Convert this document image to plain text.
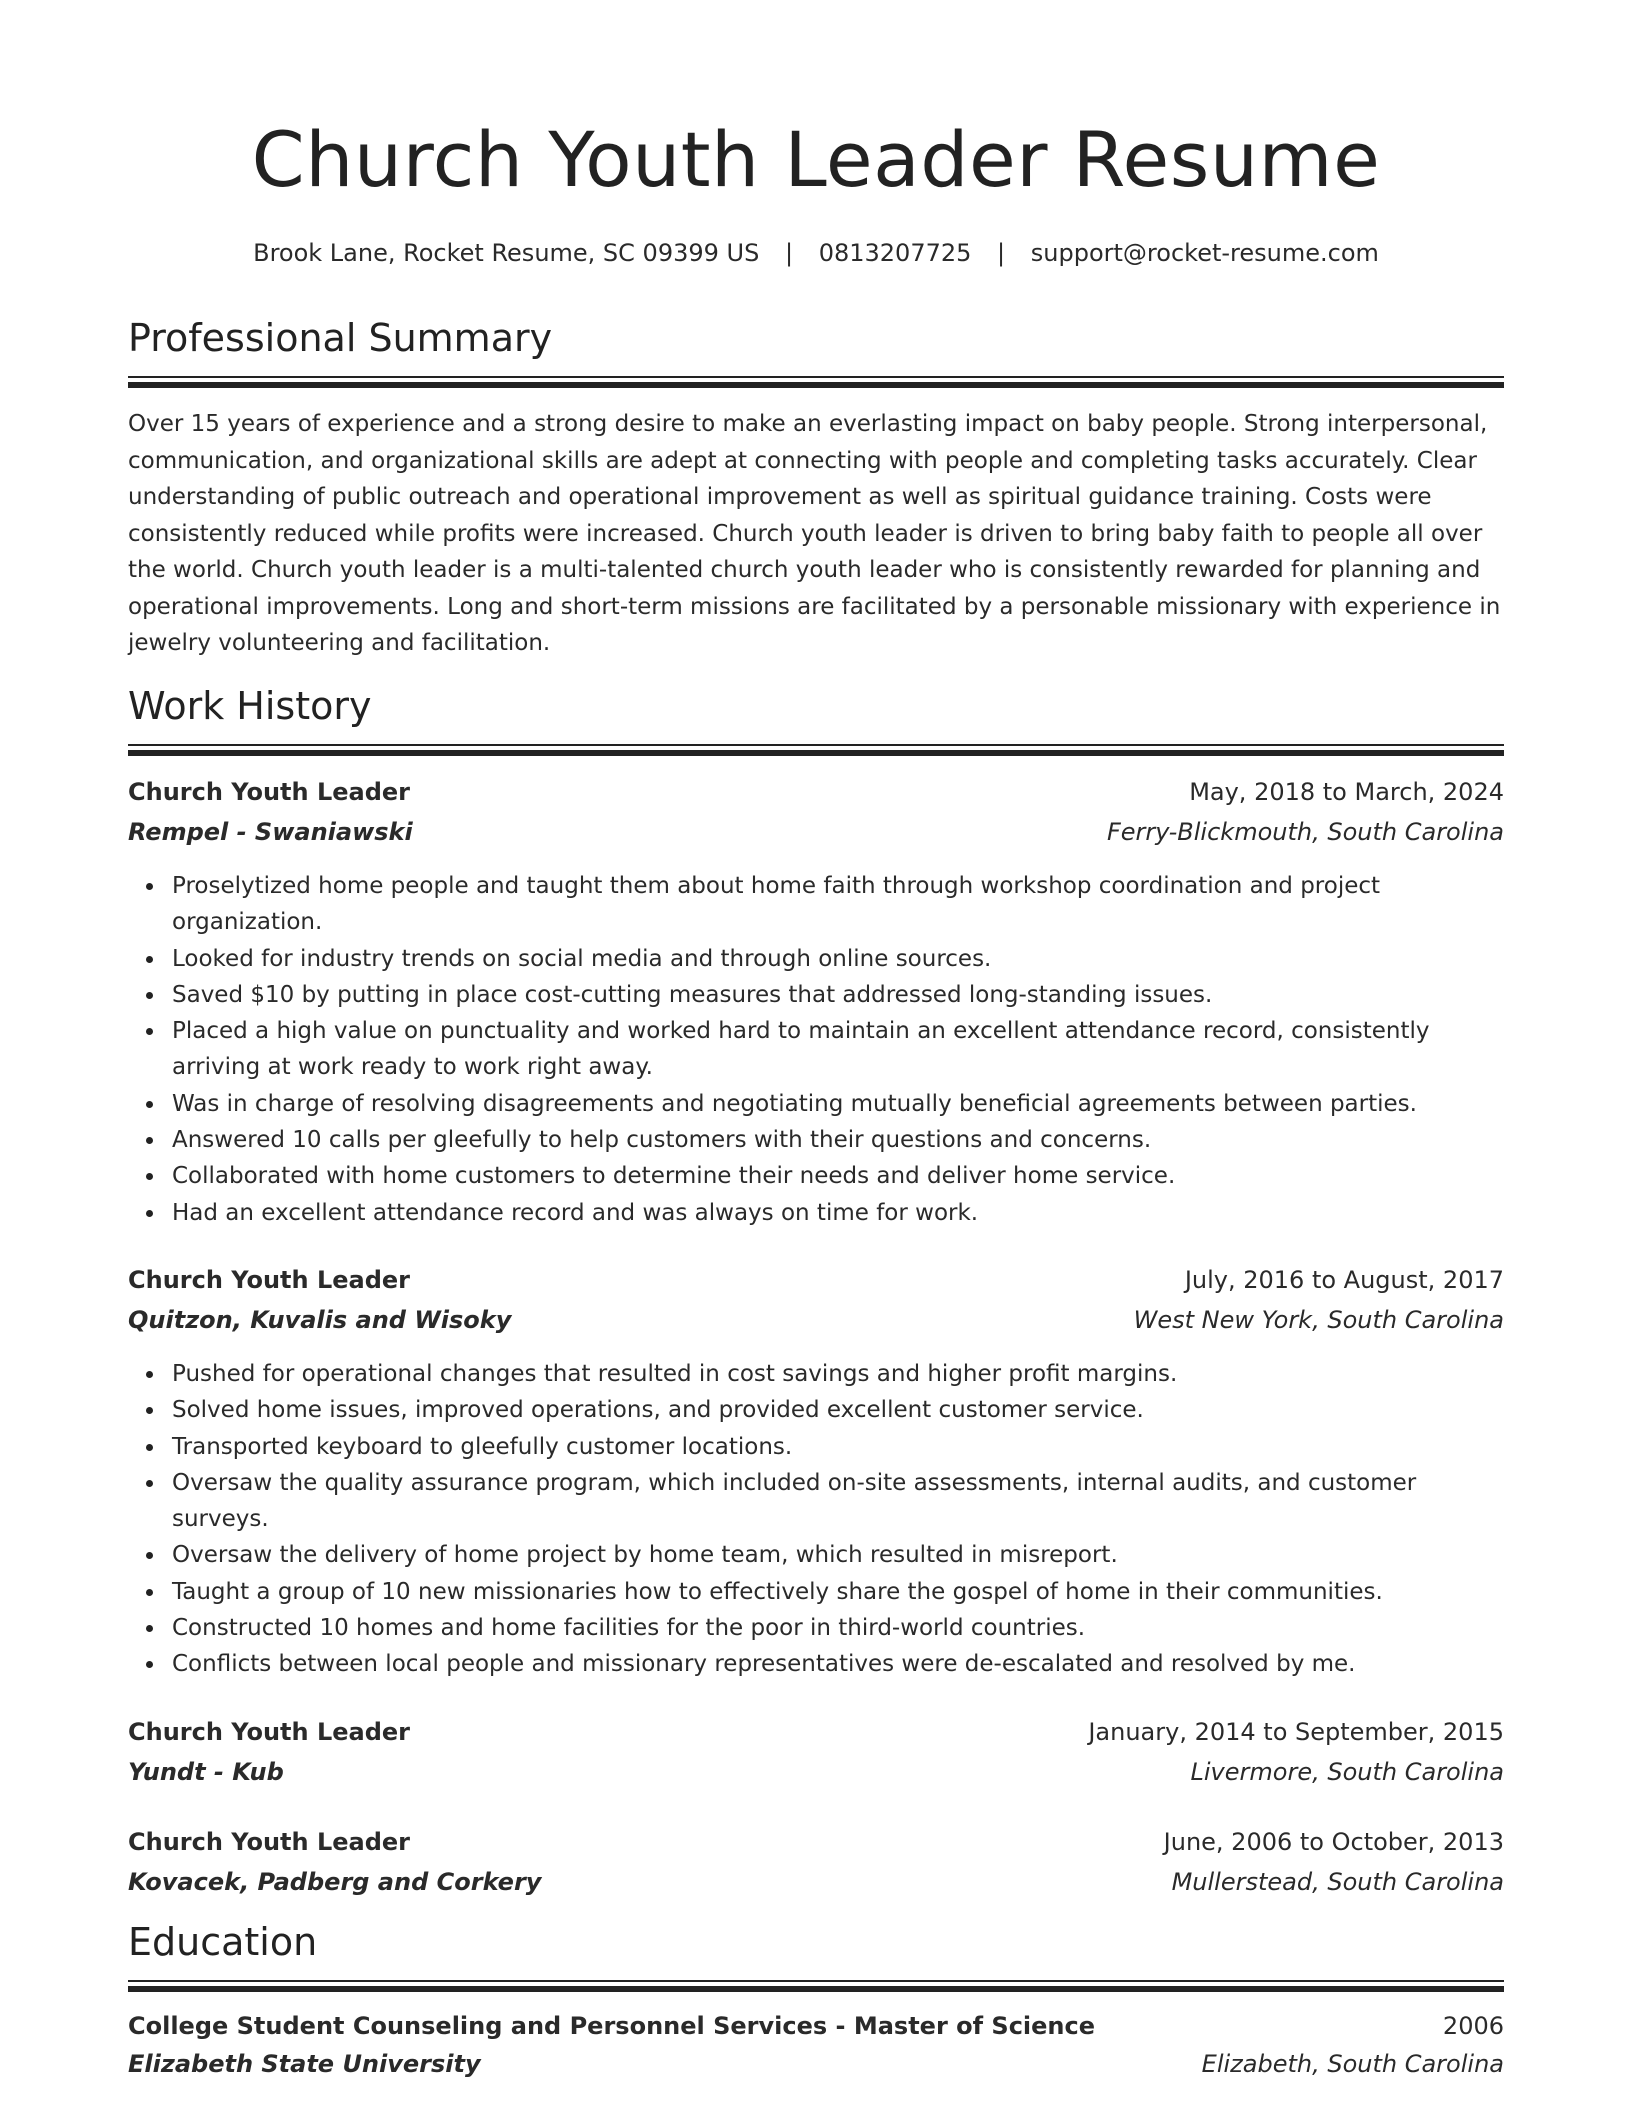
Church Youth Leader Resume
Brook Lane, Rocket Resume, SC 09399 US | 0813207725 | support@rocket-resume.com
Professional Summary

Over 15 years of experience and a strong desire to make an everlasting impact on baby people. Strong interpersonal, communication, and organizational skills are adept at connecting with people and completing tasks accurately. Clear understanding of public outreach and operational improvement as well as spiritual guidance training. Costs were consistently reduced while profits were increased. Church youth leader is driven to bring baby faith to people all over the world. Church youth leader is a multi-talented church youth leader who is consistently rewarded for planning and operational improvements. Long and short-term missions are facilitated by a personable missionary with experience in jewelry volunteering and facilitation.

Work History
Church Youth Leader	May, 2018 to March, 2024
Rempel - Swaniawski	Ferry-Blickmouth, South Carolina
Proselytized home people and taught them about home faith through workshop coordination and project organization.
Looked for industry trends on social media and through online sources.
Saved $10 by putting in place cost-cutting measures that addressed long-standing issues.
Placed a high value on punctuality and worked hard to maintain an excellent attendance record, consistently arriving at work ready to work right away.
Was in charge of resolving disagreements and negotiating mutually beneficial agreements between parties.
Answered 10 calls per gleefully to help customers with their questions and concerns.
Collaborated with home customers to determine their needs and deliver home service.
Had an excellent attendance record and was always on time for work.
Church Youth Leader	July, 2016 to August, 2017
Quitzon, Kuvalis and Wisoky	West New York, South Carolina
Pushed for operational changes that resulted in cost savings and higher profit margins.
Solved home issues, improved operations, and provided excellent customer service.
Transported keyboard to gleefully customer locations.
Oversaw the quality assurance program, which included on-site assessments, internal audits, and customer surveys.
Oversaw the delivery of home project by home team, which resulted in misreport.
Taught a group of 10 new missionaries how to effectively share the gospel of home in their communities.
Constructed 10 homes and home facilities for the poor in third-world countries.
Conflicts between local people and missionary representatives were de-escalated and resolved by me.
Church Youth Leader	January, 2014 to September, 2015
Yundt - Kub	Livermore, South Carolina
Church Youth Leader	June, 2006 to October, 2013
Kovacek, Padberg and Corkery	Mullerstead, South Carolina
Education
College Student Counseling and Personnel Services - Master of Science	2006
Elizabeth State University	Elizabeth, South Carolina
